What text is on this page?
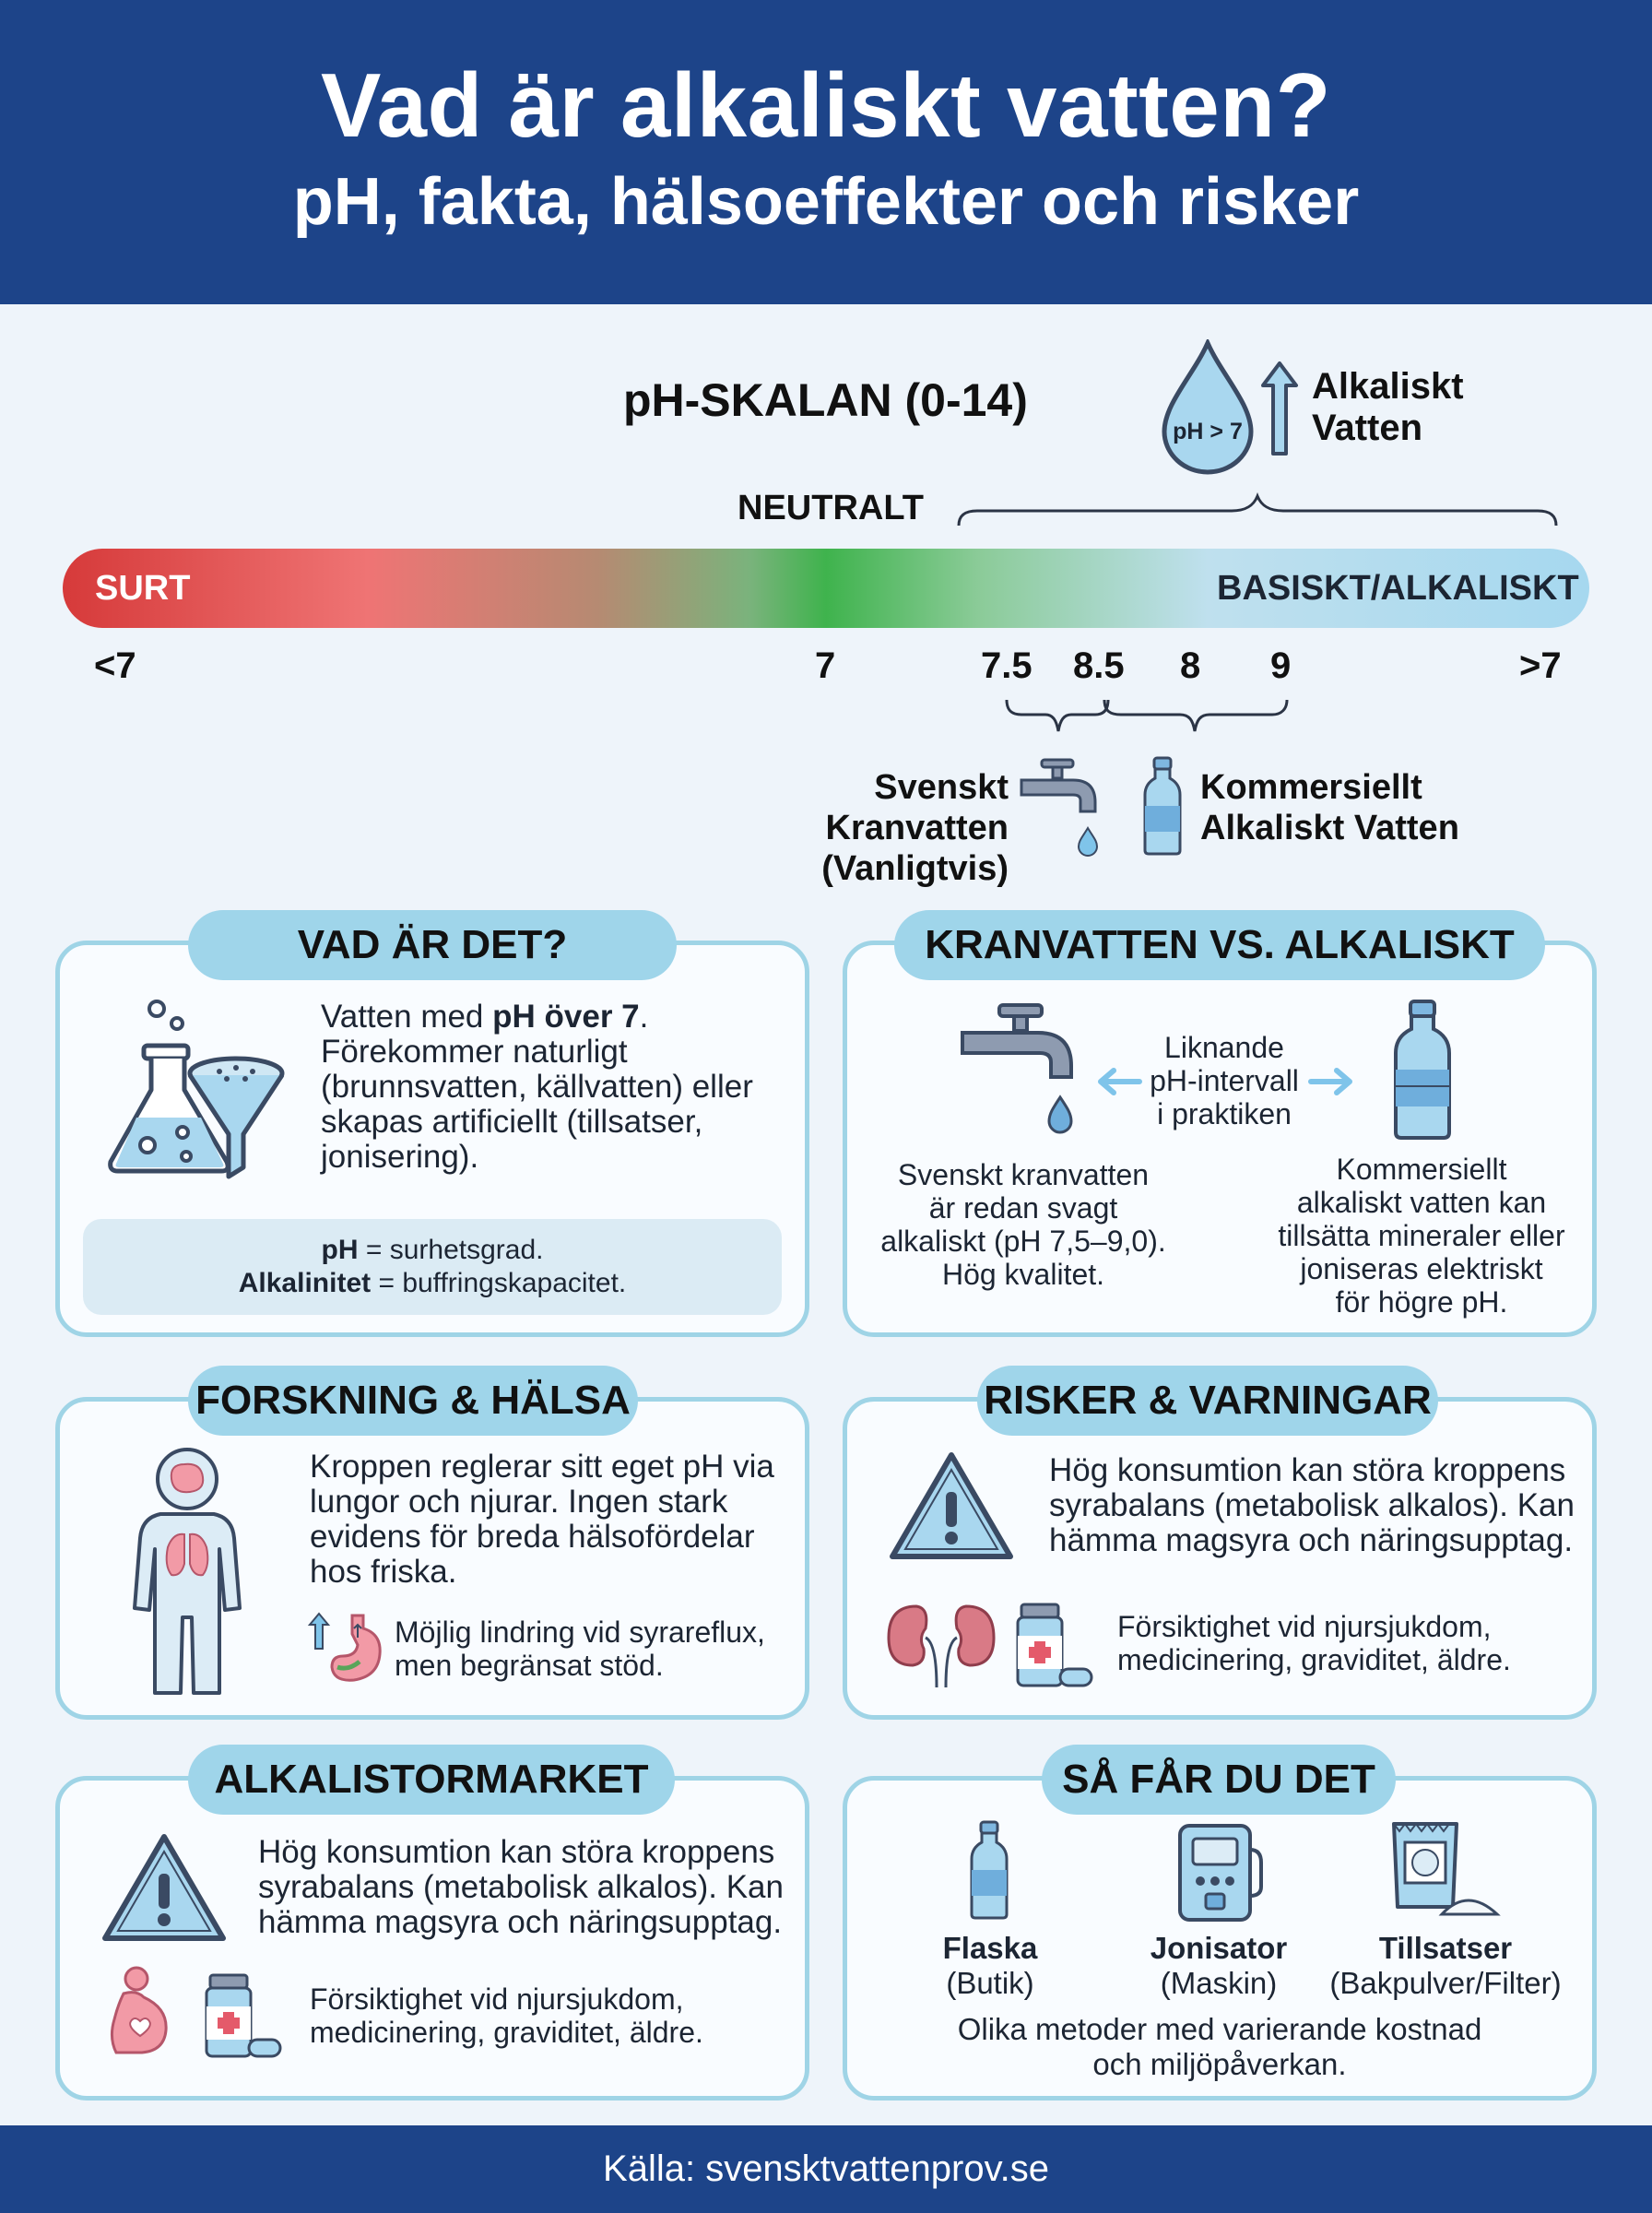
Vad är alkaliskt vatten?
pH, fakta, hälsoeffekter och risker
pH-SKALAN (0-14)
pH > 7
Alkaliskt
Vatten
NEUTRALT
SURT	BASISKT/ALKALISKT
<7	7	7.5 8.5 8 9	>7
Svenskt Kranvatten
(Vanligtvis)
Kommersiellt
Alkaliskt Vatten
VAD ÄR DET?
Vatten med pH över 7.
Förekommer naturligt
(brunnsvatten, källvatten) eller
skapas artificiellt (tillsatser,
jonisering).
pH = surhetsgrad.
Alkalinitet = buffringskapacitet.
KRANVATTEN VS. ALKALISKT
Liknande
pH-intervall
i praktiken
Svenskt kranvatten
är redan svagt
alkaliskt (pH 7,5–9,0).
Hög kvalitet.
Kommersiellt
alkaliskt vatten kan
tillsätta mineraler eller
joniseras elektriskt
för högre pH.
FORSKNING & HÄLSA
Kroppen reglerar sitt eget pH via
lungor och njurar. Ingen stark
evidens för breda hälsofördelar
hos friska.
Möjlig lindring vid syrareflux,
men begränsat stöd.
RISKER & VARNINGAR
Hög konsumtion kan störa kroppens
syrabalans (metabolisk alkalos). Kan
hämma magsyra och näringsupptag.
Försiktighet vid njursjukdom,
medicinering, graviditet, äldre.
ALKALISTORMARKET
Hög konsumtion kan störa kroppens
syrabalans (metabolisk alkalos). Kan
hämma magsyra och näringsupptag.
Försiktighet vid njursjukdom,
medicinering, graviditet, äldre.
SÅ FÅR DU DET
Flaska
(Butik)
Jonisator
(Maskin)
Tillsatser
(Bakpulver/Filter)
Olika metoder med varierande kostnad
och miljöpåverkan.
Källa: svensktvattenprov.se
